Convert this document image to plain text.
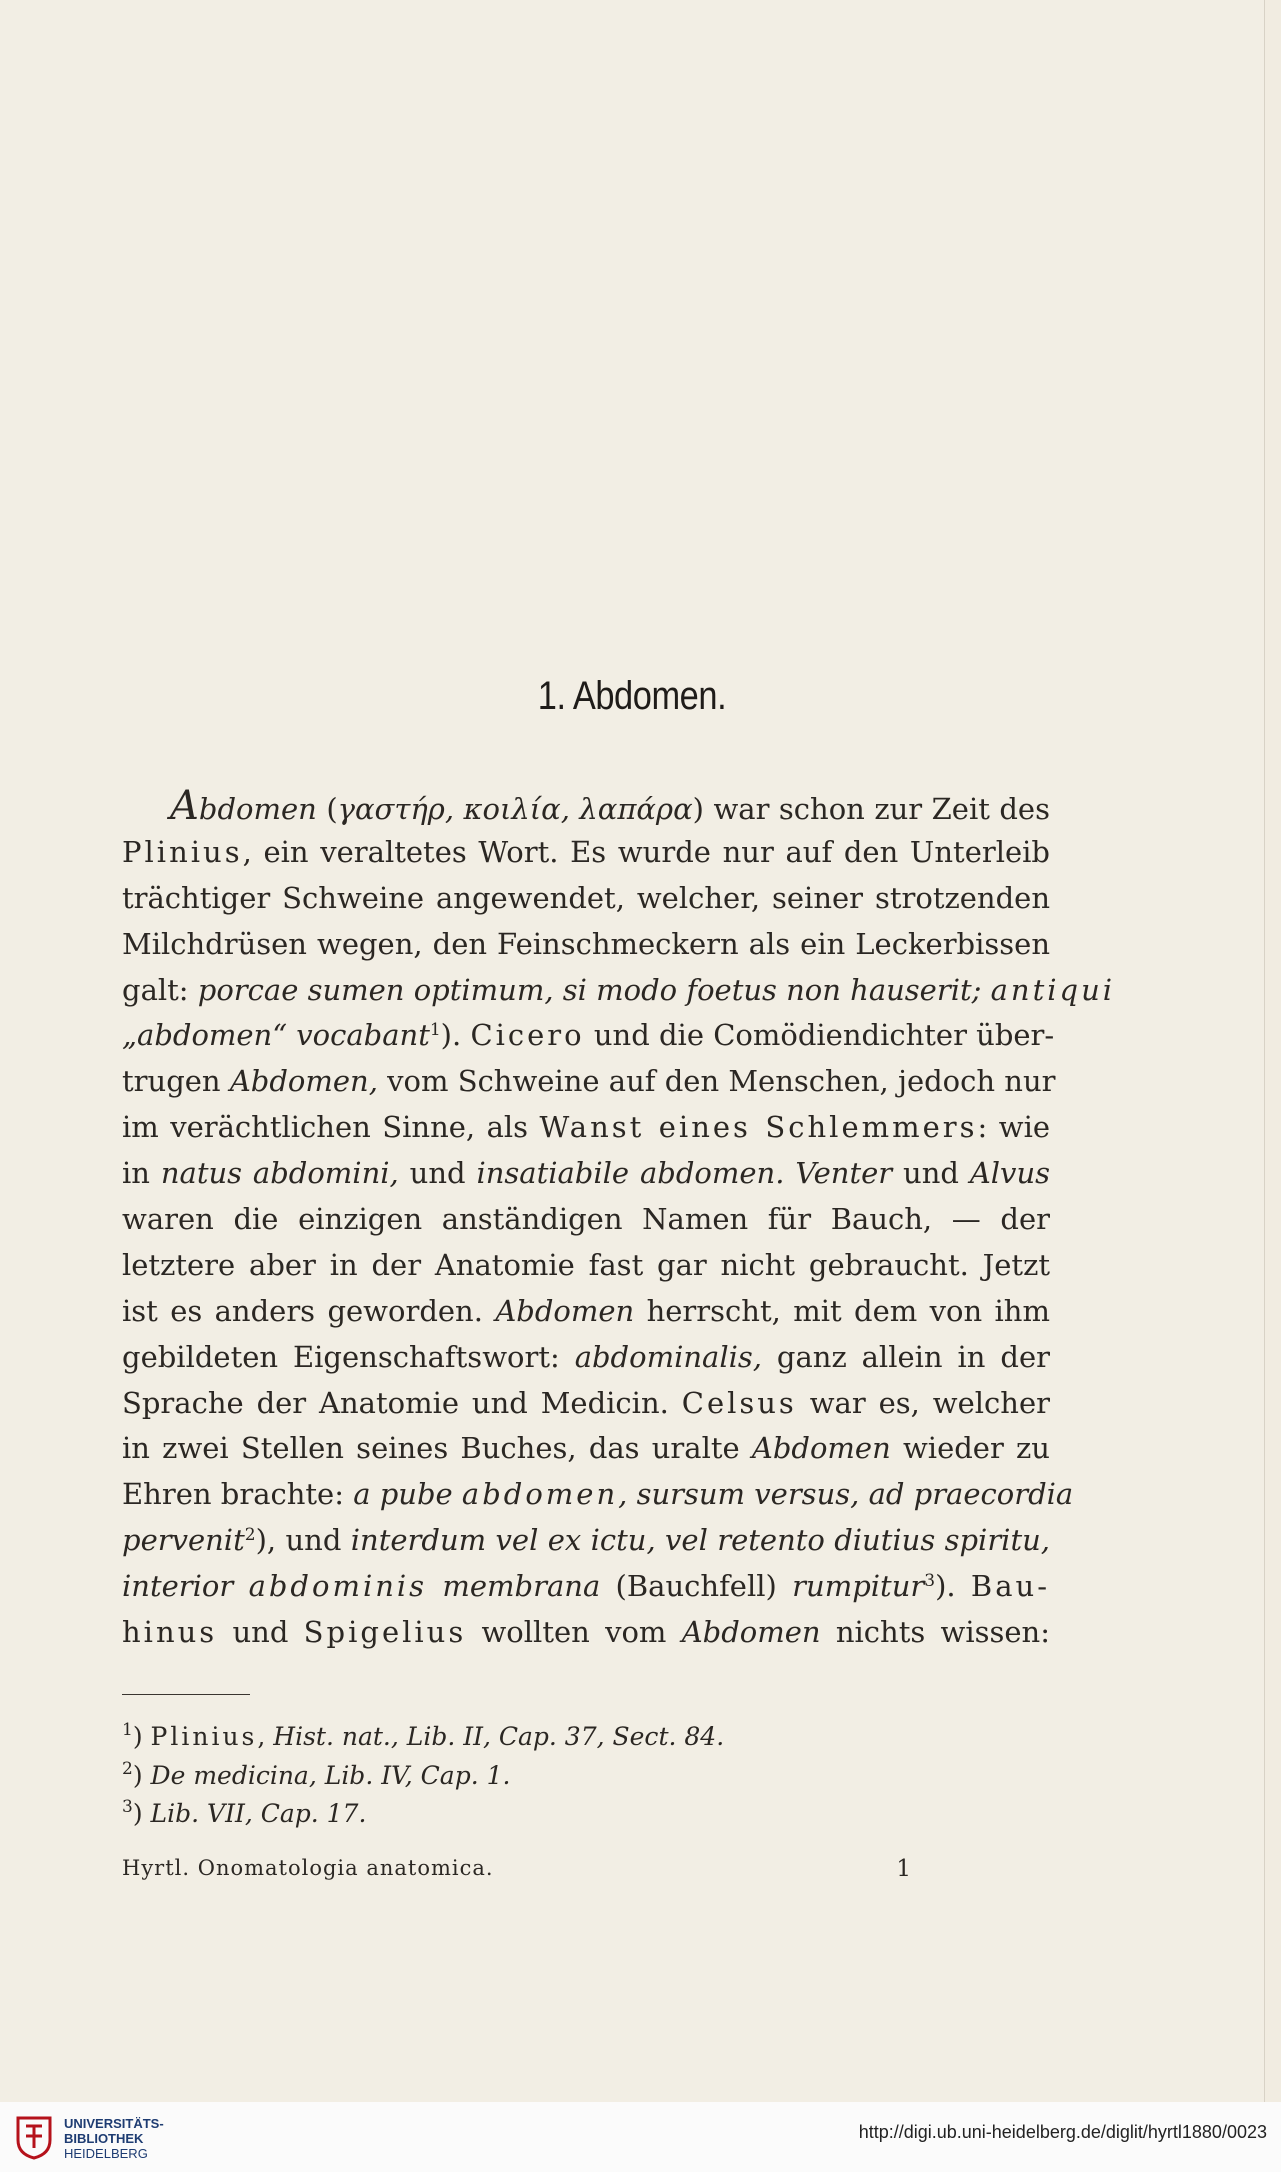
1. Abdomen.
Abdomen (γαστήρ, κοιλία, λαπάρα) war schon zur Zeit des
Plinius, ein veraltetes Wort. Es wurde nur auf den Unterleib
trächtiger Schweine angewendet, welcher, seiner strotzenden
Milchdrüsen wegen, den Feinschmeckern als ein Leckerbissen
galt: porcae sumen optimum, si modo foetus non hauserit; antiqui
„abdomen“ vocabant$^1$). Cicero und die Comödiendichter über-
trugen Abdomen, vom Schweine auf den Menschen, jedoch nur
im verächtlichen Sinne, als Wanst eines Schlemmers: wie
in natus abdomini, und insatiabile abdomen. Venter und Alvus
waren die einzigen anständigen Namen für Bauch, — der
letztere aber in der Anatomie fast gar nicht gebraucht. Jetzt
ist es anders geworden. Abdomen herrscht, mit dem von ihm
gebildeten Eigenschaftswort: abdominalis, ganz allein in der
Sprache der Anatomie und Medicin. Celsus war es, welcher
in zwei Stellen seines Buches, das uralte Abdomen wieder zu
Ehren brachte: a pube abdomen, sursum versus, ad praecordia
pervenit$^2$), und interdum vel ex ictu, vel retento diutius spiritu,
interior abdominis membrana (Bauchfell) rumpitur$^3$). Bau-
hinus und Spigelius wollten vom Abdomen nichts wissen:
$^1$) Plinius, Hist. nat., Lib. II, Cap. 37, Sect. 84.
$^2$) De medicina, Lib. IV, Cap. 1.
$^3$) Lib. VII, Cap. 17.
Hyrtl. Onomatologia anatomica.	1
UNIVERSITÄTS-
BIBLIOTHEK
HEIDELBERG
http://digi.ub.uni-heidelberg.de/diglit/hyrtl1880/0023
